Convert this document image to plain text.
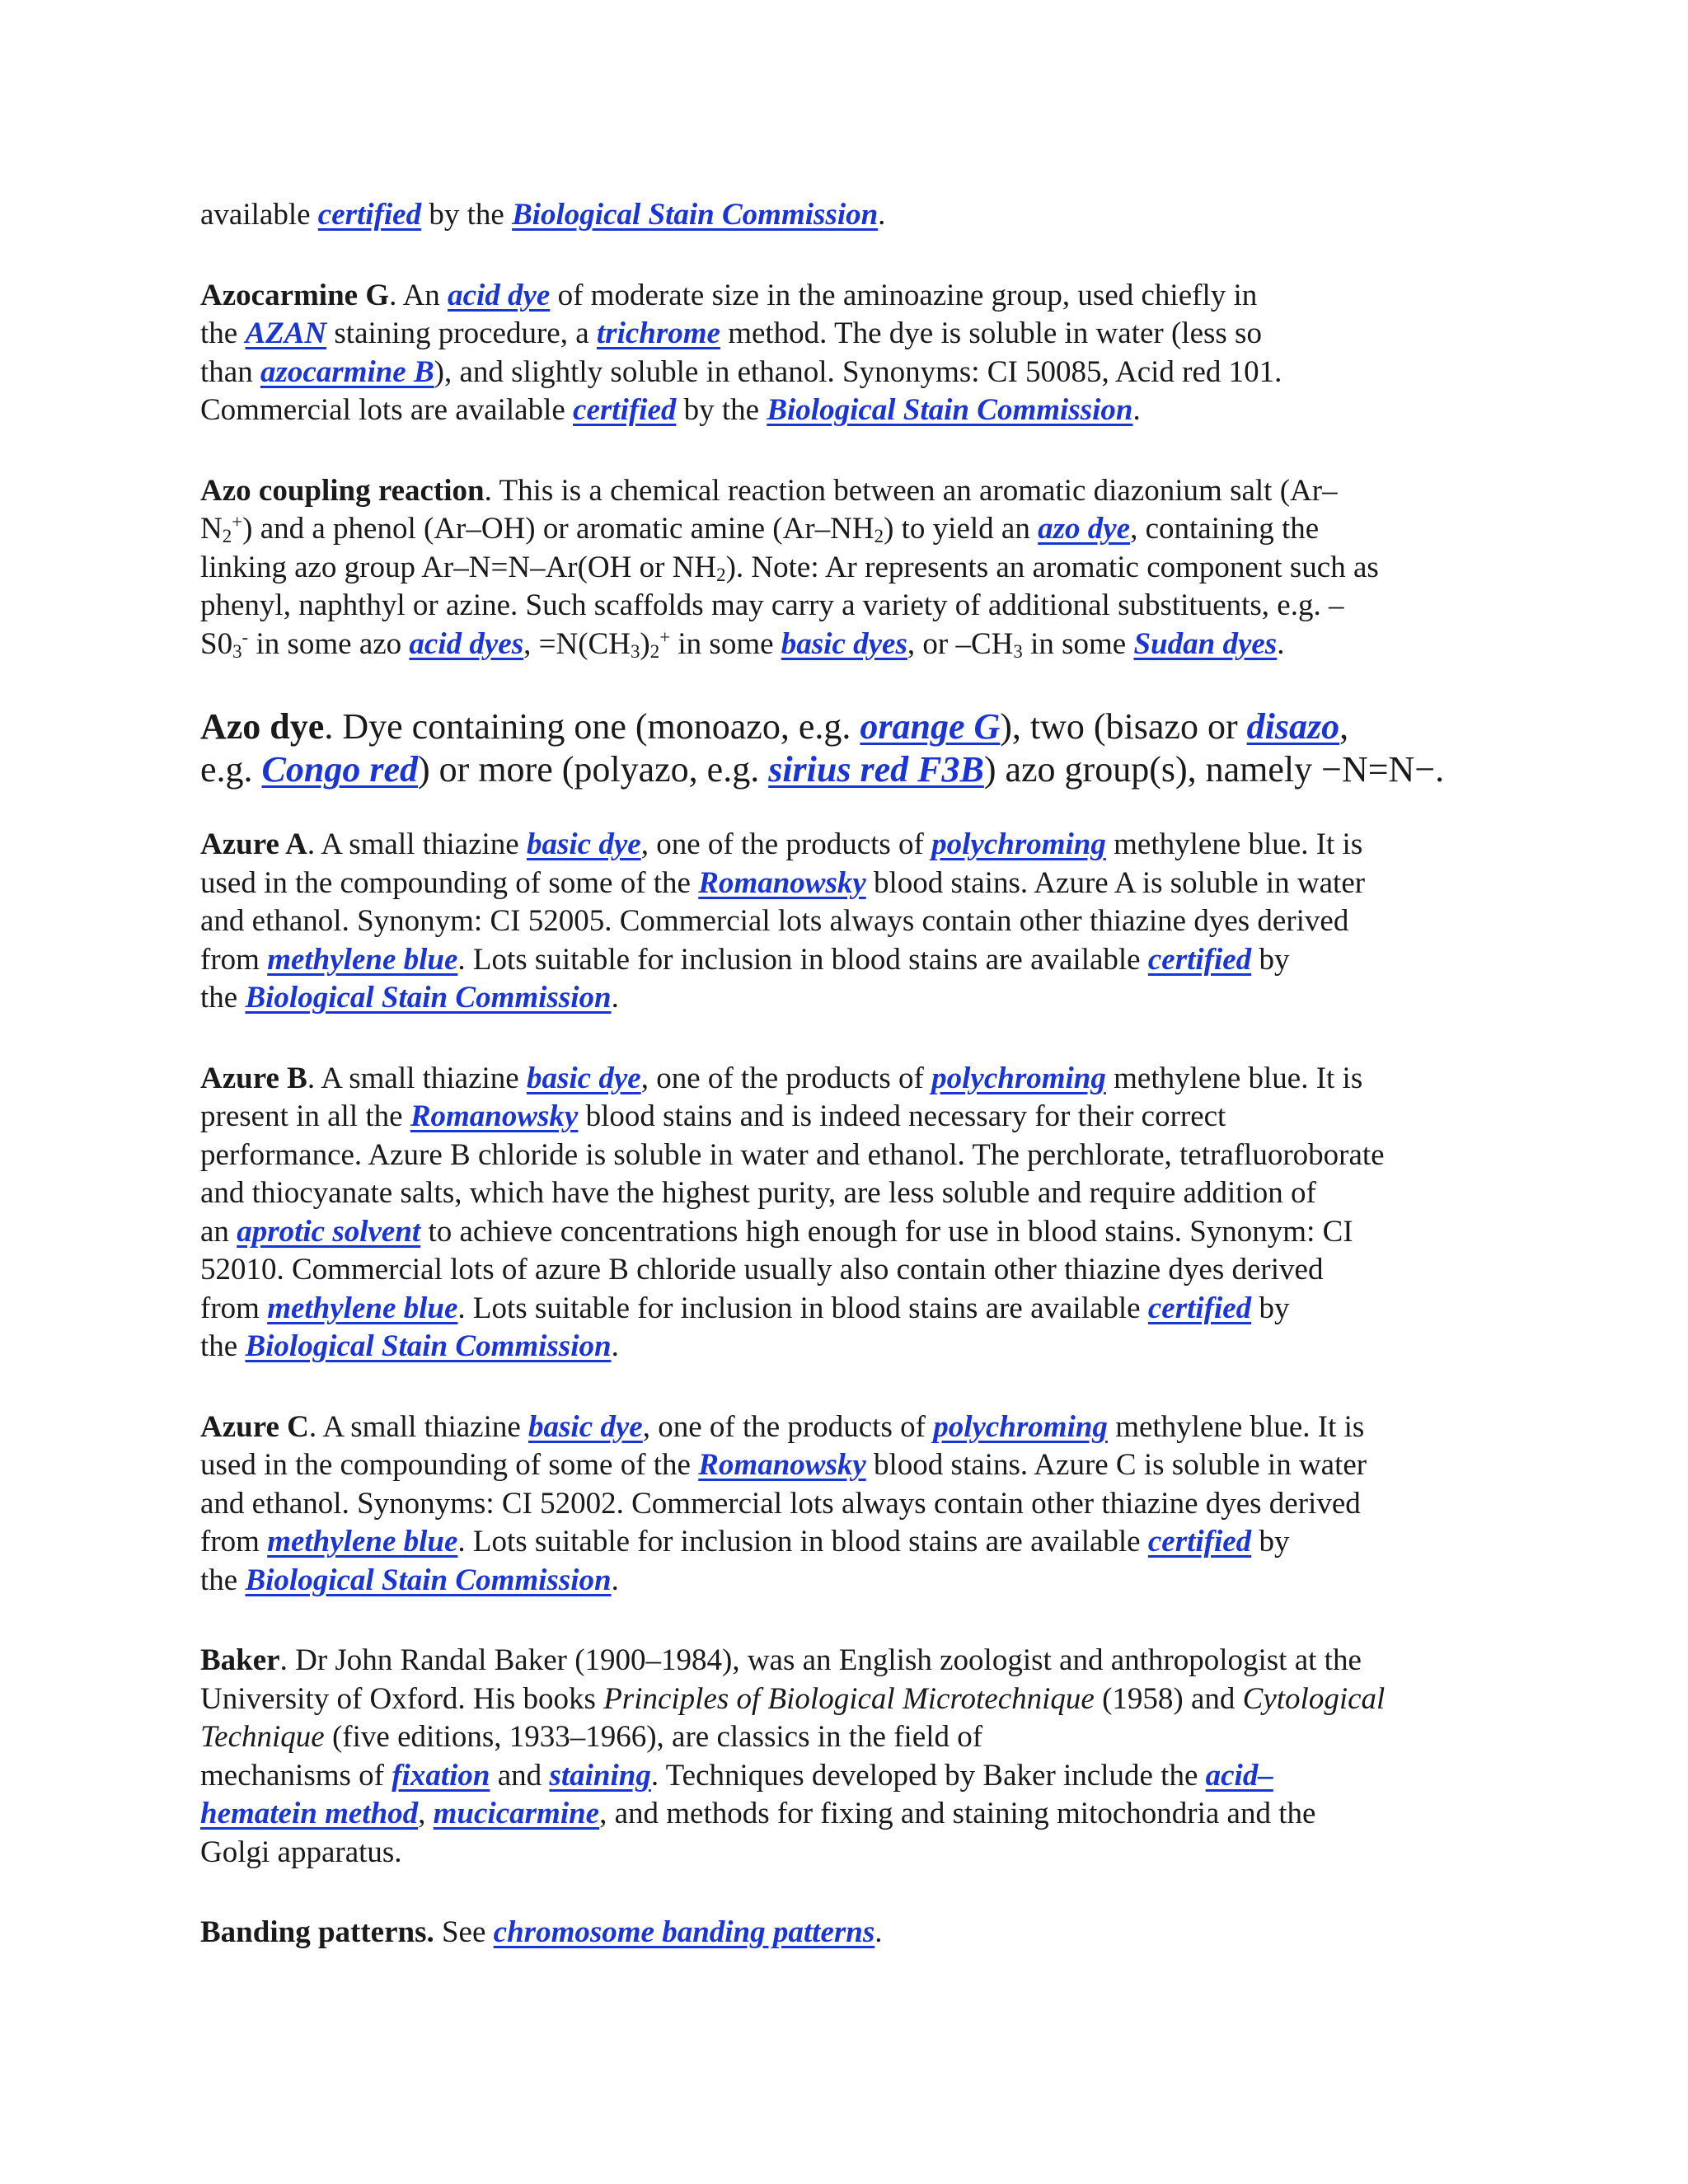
available certified by the Biological Stain Commission.

Azocarmine G. An acid dye of moderate size in the aminoazine group, used chiefly in
the AZAN staining procedure, a trichrome method. The dye is soluble in water (less so
than azocarmine B), and slightly soluble in ethanol. Synonyms: CI 50085, Acid red 101.
Commercial lots are available certified by the Biological Stain Commission.

Azo coupling reaction. This is a chemical reaction between an aromatic diazonium salt (Ar–
$N_2^+$) and a phenol (Ar–OH) or aromatic amine $(Ar-NH_2)$ to yield an azo dye, containing the
linking azo group Ar–N=N–Ar(OH or $NH_2$). Note: Ar represents an aromatic component such as
phenyl, naphthyl or azine. Such scaffolds may carry a variety of additional substituents, e.g. –
$S0_3^-$ in some azo acid dyes, $=N(CH_3)_2^+$ in some basic dyes, or $-CH_3$ in some Sudan dyes.

Azo dye. Dye containing one (monoazo, e.g. orange G), two (bisazo or disazo,
e.g. Congo red) or more (polyazo, e.g. sirius red F3B) azo group(s), namely −N=N−.

Azure A. A small thiazine basic dye, one of the products of polychroming methylene blue. It is
used in the compounding of some of the Romanowsky blood stains. Azure A is soluble in water
and ethanol. Synonym: CI 52005. Commercial lots always contain other thiazine dyes derived
from methylene blue. Lots suitable for inclusion in blood stains are available certified by
the Biological Stain Commission.

Azure B. A small thiazine basic dye, one of the products of polychroming methylene blue. It is
present in all the Romanowsky blood stains and is indeed necessary for their correct
performance. Azure B chloride is soluble in water and ethanol. The perchlorate, tetrafluoroborate
and thiocyanate salts, which have the highest purity, are less soluble and require addition of
an aprotic solvent to achieve concentrations high enough for use in blood stains. Synonym: CI
52010. Commercial lots of azure B chloride usually also contain other thiazine dyes derived
from methylene blue. Lots suitable for inclusion in blood stains are available certified by
the Biological Stain Commission.

Azure C. A small thiazine basic dye, one of the products of polychroming methylene blue. It is
used in the compounding of some of the Romanowsky blood stains. Azure C is soluble in water
and ethanol. Synonyms: CI 52002. Commercial lots always contain other thiazine dyes derived
from methylene blue. Lots suitable for inclusion in blood stains are available certified by
the Biological Stain Commission.

Baker. Dr John Randal Baker (1900–1984), was an English zoologist and anthropologist at the
University of Oxford. His books Principles of Biological Microtechnique (1958) and Cytological
Technique (five editions, 1933–1966), are classics in the field of
mechanisms of fixation and staining. Techniques developed by Baker include the acid–
hematein method, mucicarmine, and methods for fixing and staining mitochondria and the
Golgi apparatus.

Banding patterns. See chromosome banding patterns.
